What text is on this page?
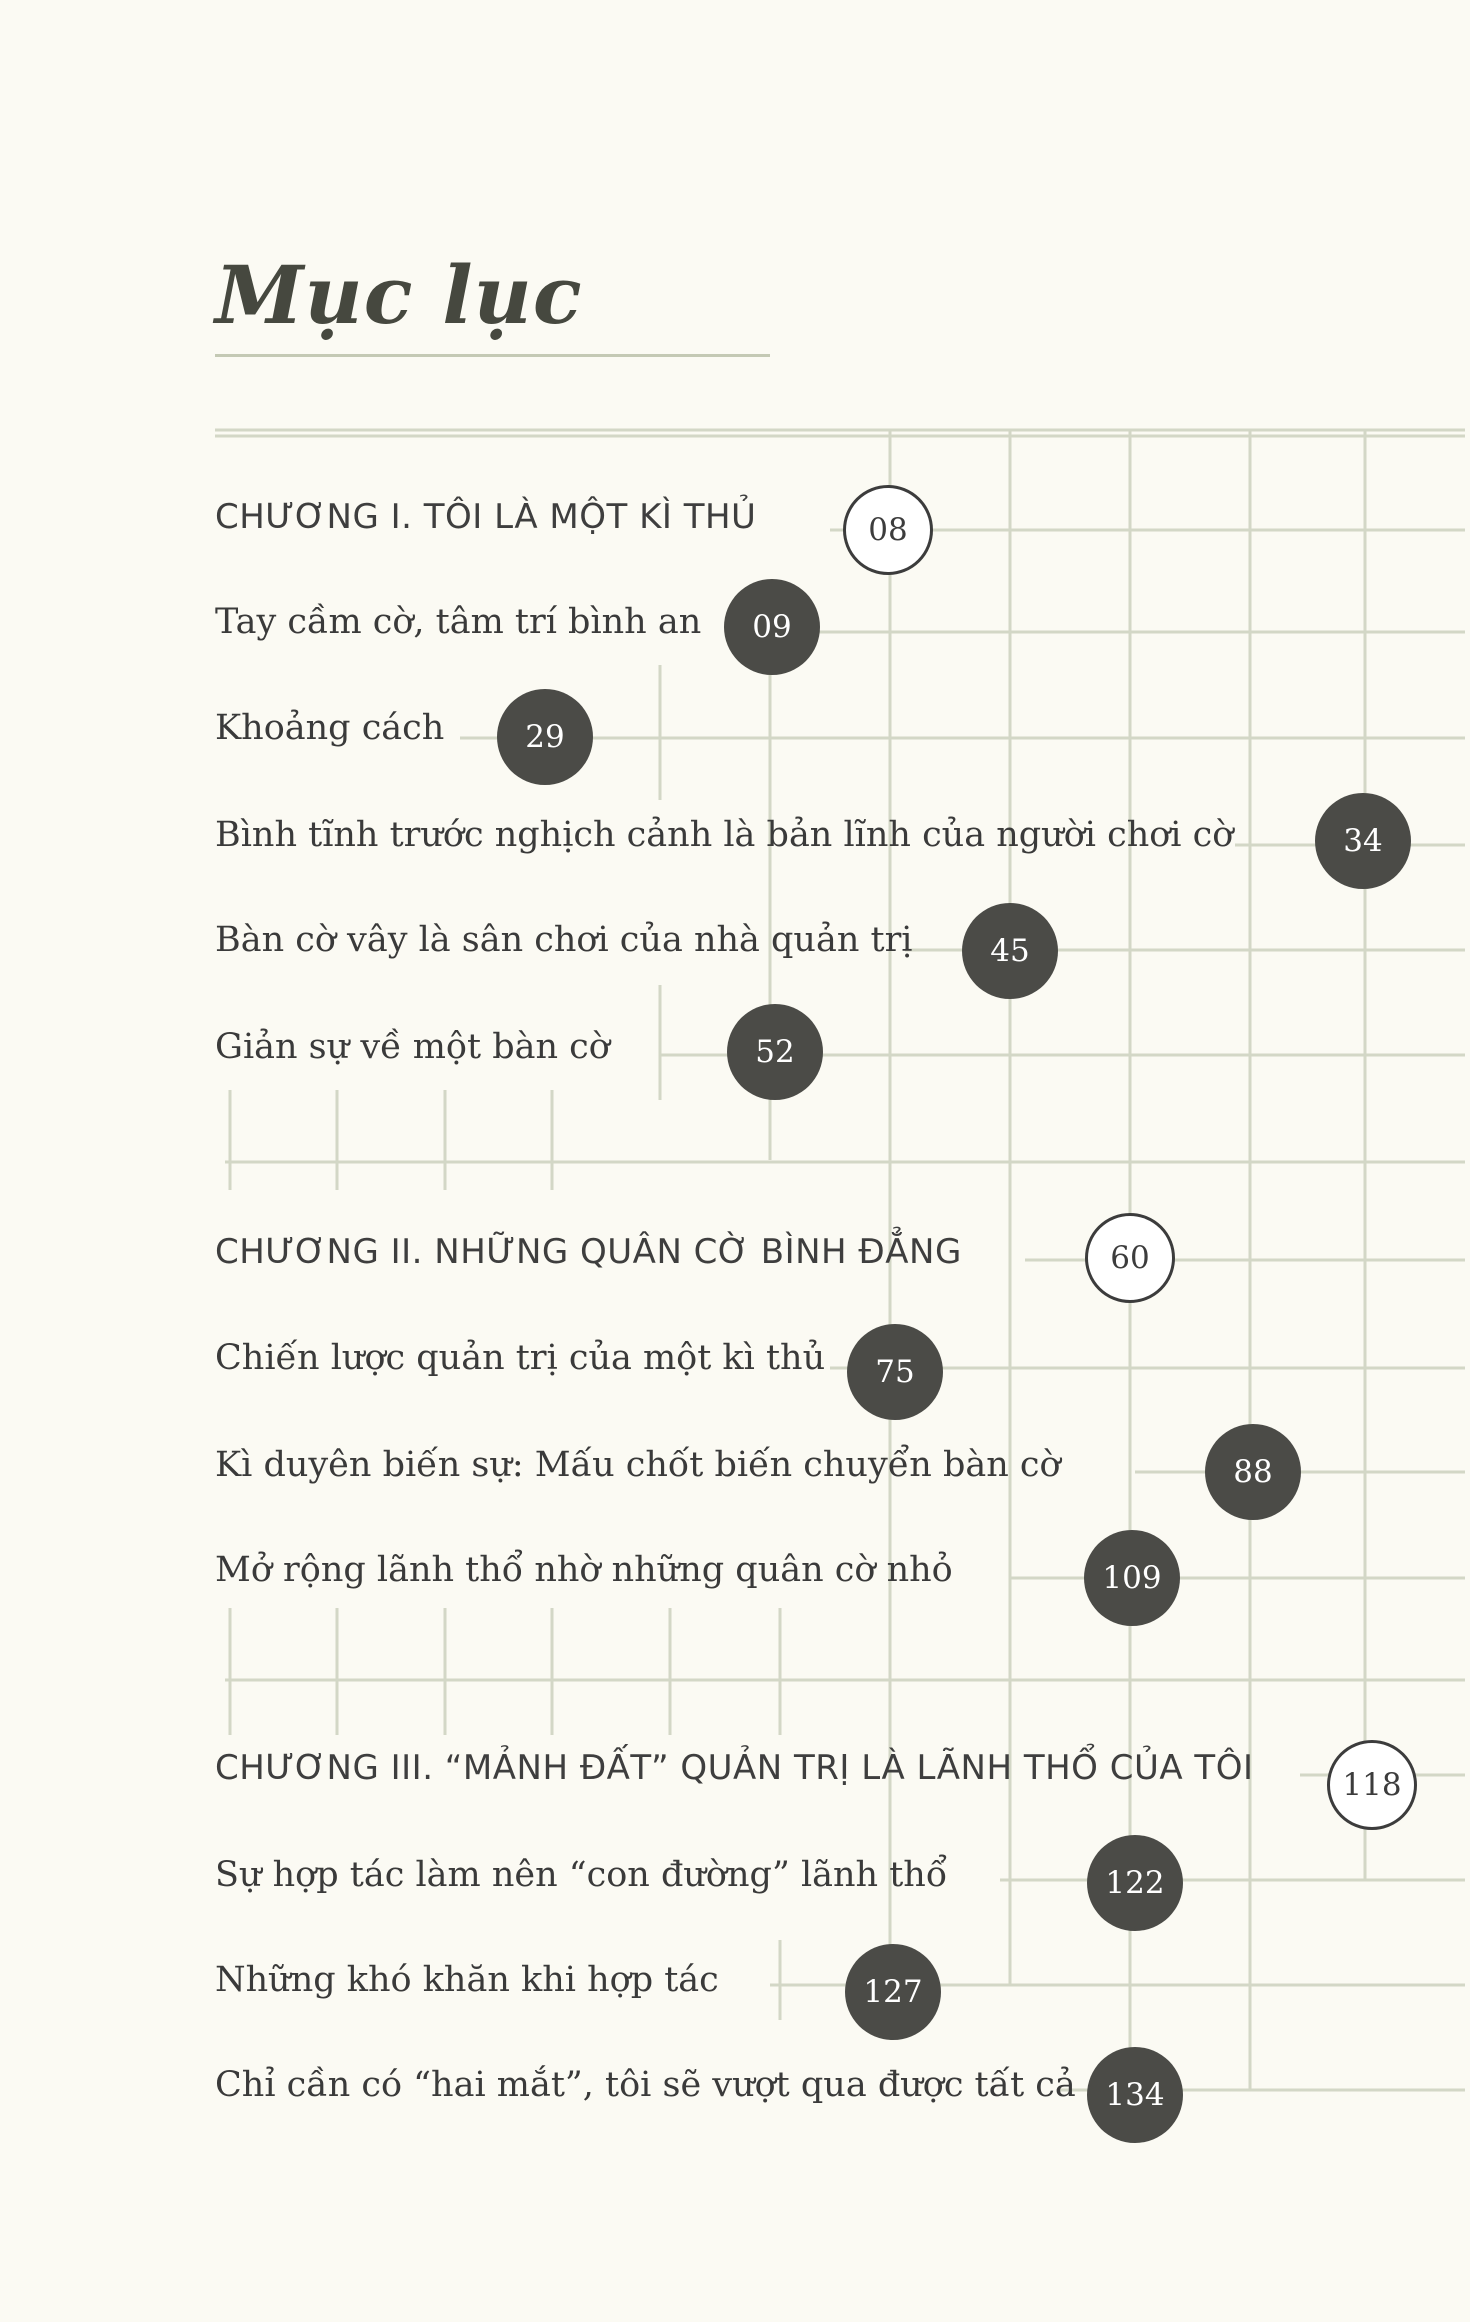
Mục lục
CHƯƠNG I. TÔI LÀ MỘT KÌ THỦ	08
Tay cầm cờ, tâm trí bình an 09
Khoảng cách	29
Bình tĩnh trước nghịch cảnh là bản lĩnh của người chơi cờ	34
Bàn cờ vây là sân chơi của nhà quản trị	45
Giản sự về một bàn cờ	52
CHƯƠNG II. NHỮNG QUÂN CỜ BÌNH ĐẲNG	60
Chiến lược quản trị của một kì thủ 75
Kì duyên biến sự: Mấu chốt biến chuyển bàn cờ	88
Mở rộng lãnh thổ nhờ những quân cờ nhỏ	109
CHƯƠNG III. “MẢNH ĐẤT” QUẢN TRỊ LÀ LÃNH THỔ CỦA TÔI	118
Sự hợp tác làm nên “con đường” lãnh thổ	122
Những khó khăn khi hợp tác	127
Chỉ cần có “hai mắt”, tôi sẽ vượt qua được tất cả 134
